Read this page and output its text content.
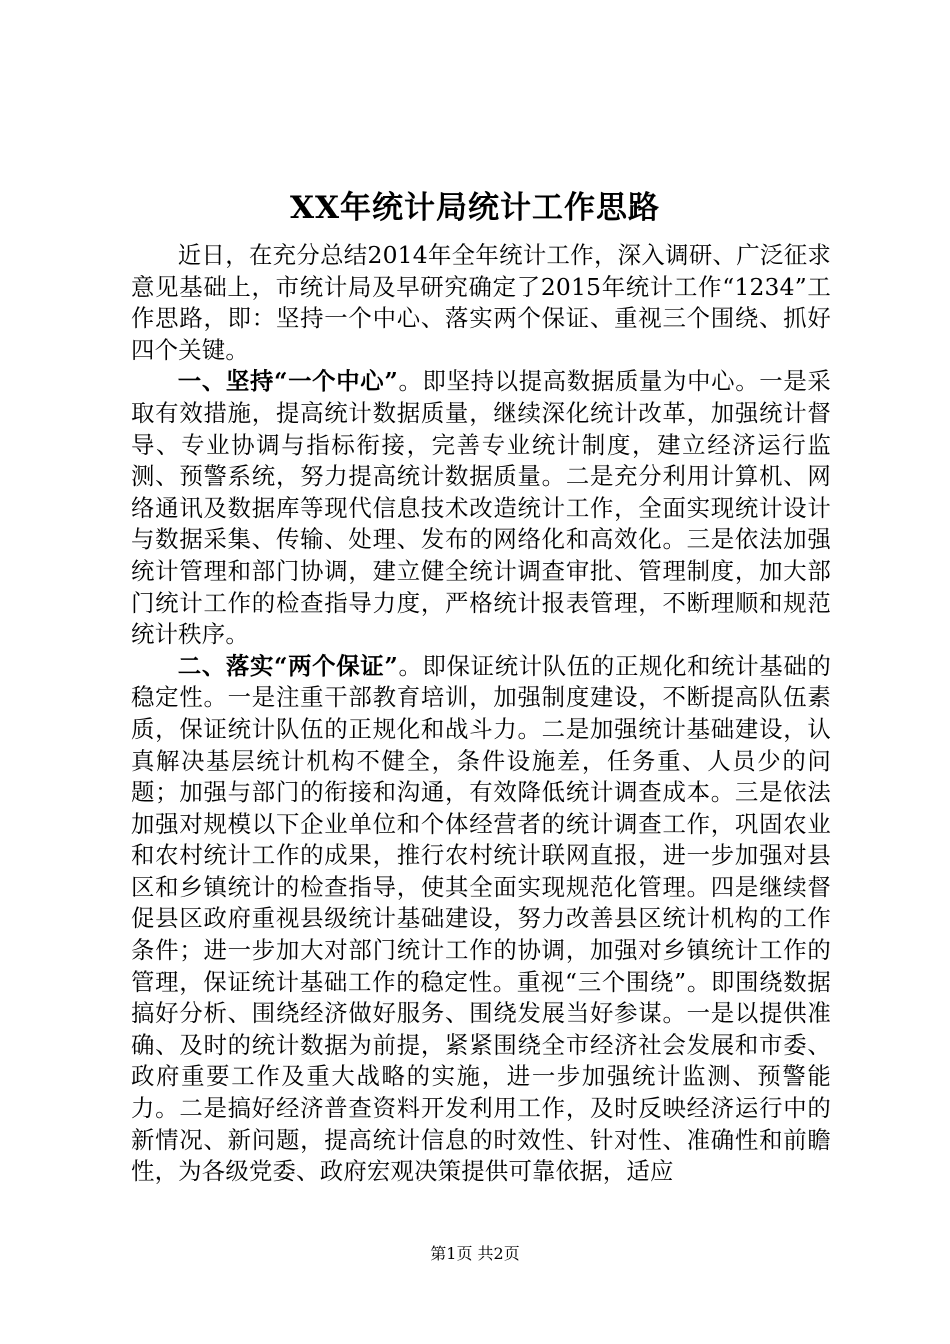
XX年统计局统计工作思路

近日，在充分总结2014年全年统计工作，深入调研、广泛征求意见基础上，市统计局及早研究确定了2015年统计工作“1234”工作思路，即：坚持一个中心、落实两个保证、重视三个围绕、抓好四个关键。

一、坚持“一个中心”。即坚持以提高数据质量为中心。一是采取有效措施，提高统计数据质量，继续深化统计改革，加强统计督导、专业协调与指标衔接，完善专业统计制度，建立经济运行监测、预警系统，努力提高统计数据质量。二是充分利用计算机、网络通讯及数据库等现代信息技术改造统计工作，全面实现统计设计与数据采集、传输、处理、发布的网络化和高效化。三是依法加强统计管理和部门协调，建立健全统计调查审批、管理制度，加大部门统计工作的检查指导力度，严格统计报表管理，不断理顺和规范统计秩序。

二、落实“两个保证”。即保证统计队伍的正规化和统计基础的稳定性。一是注重干部教育培训，加强制度建设，不断提高队伍素质，保证统计队伍的正规化和战斗力。二是加强统计基础建设，认真解决基层统计机构不健全，条件设施差，任务重、人员少的问题；加强与部门的衔接和沟通，有效降低统计调查成本。三是依法加强对规模以下企业单位和个体经营者的统计调查工作，巩固农业和农村统计工作的成果，推行农村统计联网直报，进一步加强对县区和乡镇统计的检查指导，使其全面实现规范化管理。四是继续督促县区政府重视县级统计基础建设，努力改善县区统计机构的工作条件；进一步加大对部门统计工作的协调，加强对乡镇统计工作的管理，保证统计基础工作的稳定性。重视“三个围绕”。即围绕数据搞好分析、围绕经济做好服务、围绕发展当好参谋。一是以提供准确、及时的统计数据为前提，紧紧围绕全市经济社会发展和市委、政府重要工作及重大战略的实施，进一步加强统计监测、预警能力。二是搞好经济普查资料开发利用工作，及时反映经济运行中的新情况、新问题，提高统计信息的时效性、针对性、准确性和前瞻性，为各级党委、政府宏观决策提供可靠依据，适应

第1页 共2页
